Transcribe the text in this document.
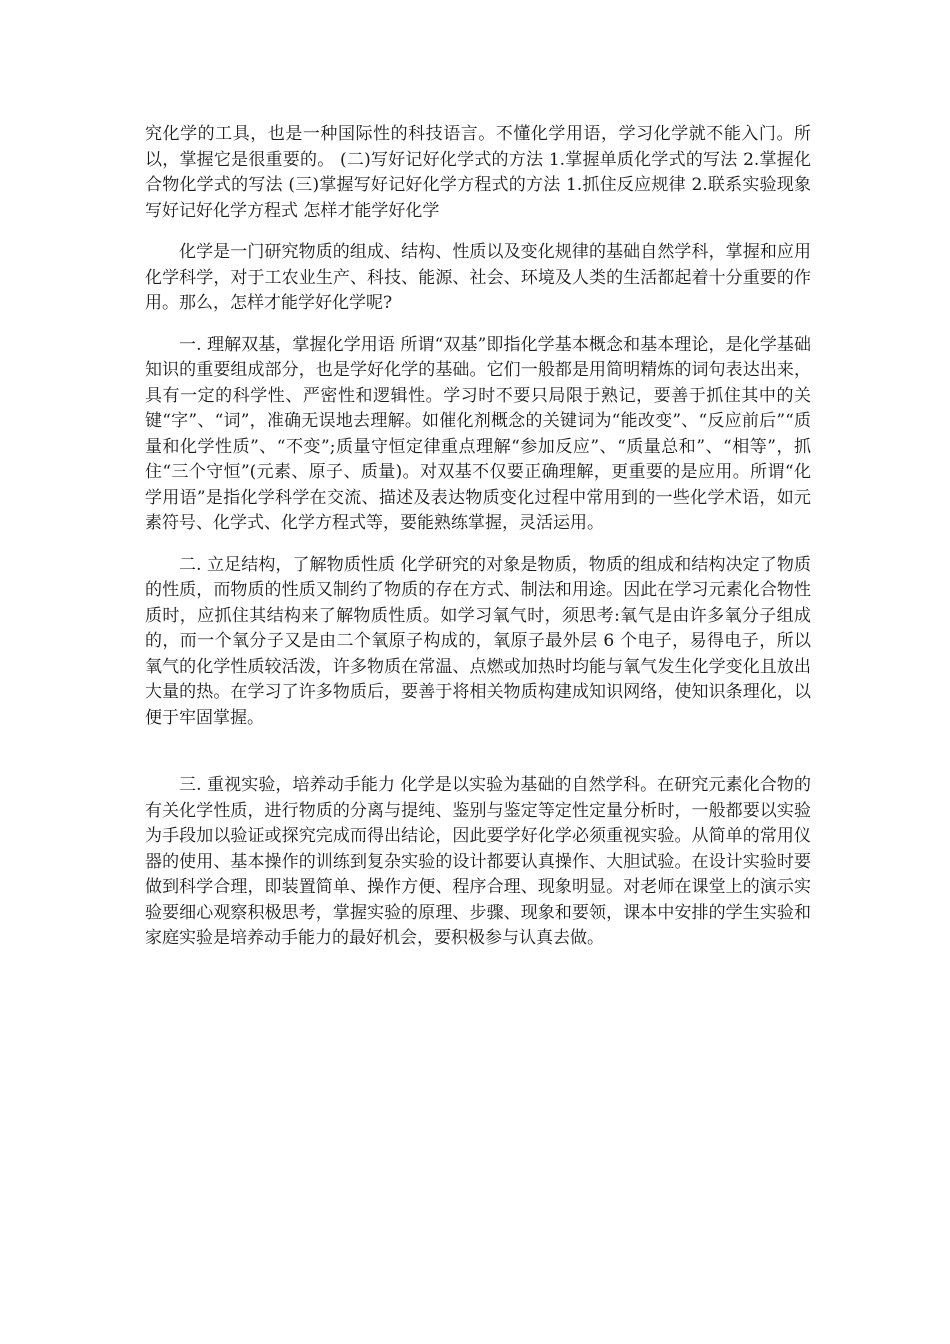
究化学的工具，也是一种国际性的科技语言。不懂化学用语，学习化学就不能入门。所以，掌握它是很重要的。 (二)写好记好化学式的方法 1.掌握单质化学式的写法 2.掌握化合物化学式的写法 (三)掌握写好记好化学方程式的方法 1.抓住反应规律 2.联系实验现象写好记好化学方程式 怎样才能学好化学

化学是一门研究物质的组成、结构、性质以及变化规律的基础自然学科，掌握和应用化学科学，对于工农业生产、科技、能源、社会、环境及人类的生活都起着十分重要的作用。那么，怎样才能学好化学呢?

一. 理解双基，掌握化学用语 所谓“双基”即指化学基本概念和基本理论，是化学基础知识的重要组成部分，也是学好化学的基础。它们一般都是用简明精炼的词句表达出来，具有一定的科学性、严密性和逻辑性。学习时不要只局限于熟记，要善于抓住其中的关键“字”、“词”，准确无误地去理解。如催化剂概念的关键词为“能改变”、“反应前后”“质量和化学性质”、“不变”;质量守恒定律重点理解“参加反应”、“质量总和”、“相等”，抓住“三个守恒”(元素、原子、质量)。对双基不仅要正确理解，更重要的是应用。所谓“化学用语”是指化学科学在交流、描述及表达物质变化过程中常用到的一些化学术语，如元素符号、化学式、化学方程式等，要能熟练掌握，灵活运用。

二. 立足结构，了解物质性质 化学研究的对象是物质，物质的组成和结构决定了物质的性质，而物质的性质又制约了物质的存在方式、制法和用途。因此在学习元素化合物性质时，应抓住其结构来了解物质性质。如学习氧气时，须思考:氧气是由许多氧分子组成的，而一个氧分子又是由二个氧原子构成的，氧原子最外层 6 个电子，易得电子，所以氧气的化学性质较活泼，许多物质在常温、点燃或加热时均能与氧气发生化学变化且放出大量的热。在学习了许多物质后，要善于将相关物质构建成知识网络，使知识条理化，以便于牢固掌握。

三. 重视实验，培养动手能力 化学是以实验为基础的自然学科。在研究元素化合物的有关化学性质，进行物质的分离与提纯、鉴别与鉴定等定性定量分析时，一般都要以实验为手段加以验证或探究完成而得出结论，因此要学好化学必须重视实验。从简单的常用仪器的使用、基本操作的训练到复杂实验的设计都要认真操作、大胆试验。在设计实验时要做到科学合理，即装置简单、操作方便、程序合理、现象明显。对老师在课堂上的演示实验要细心观察积极思考，掌握实验的原理、步骤、现象和要领，课本中安排的学生实验和家庭实验是培养动手能力的最好机会，要积极参与认真去做。
